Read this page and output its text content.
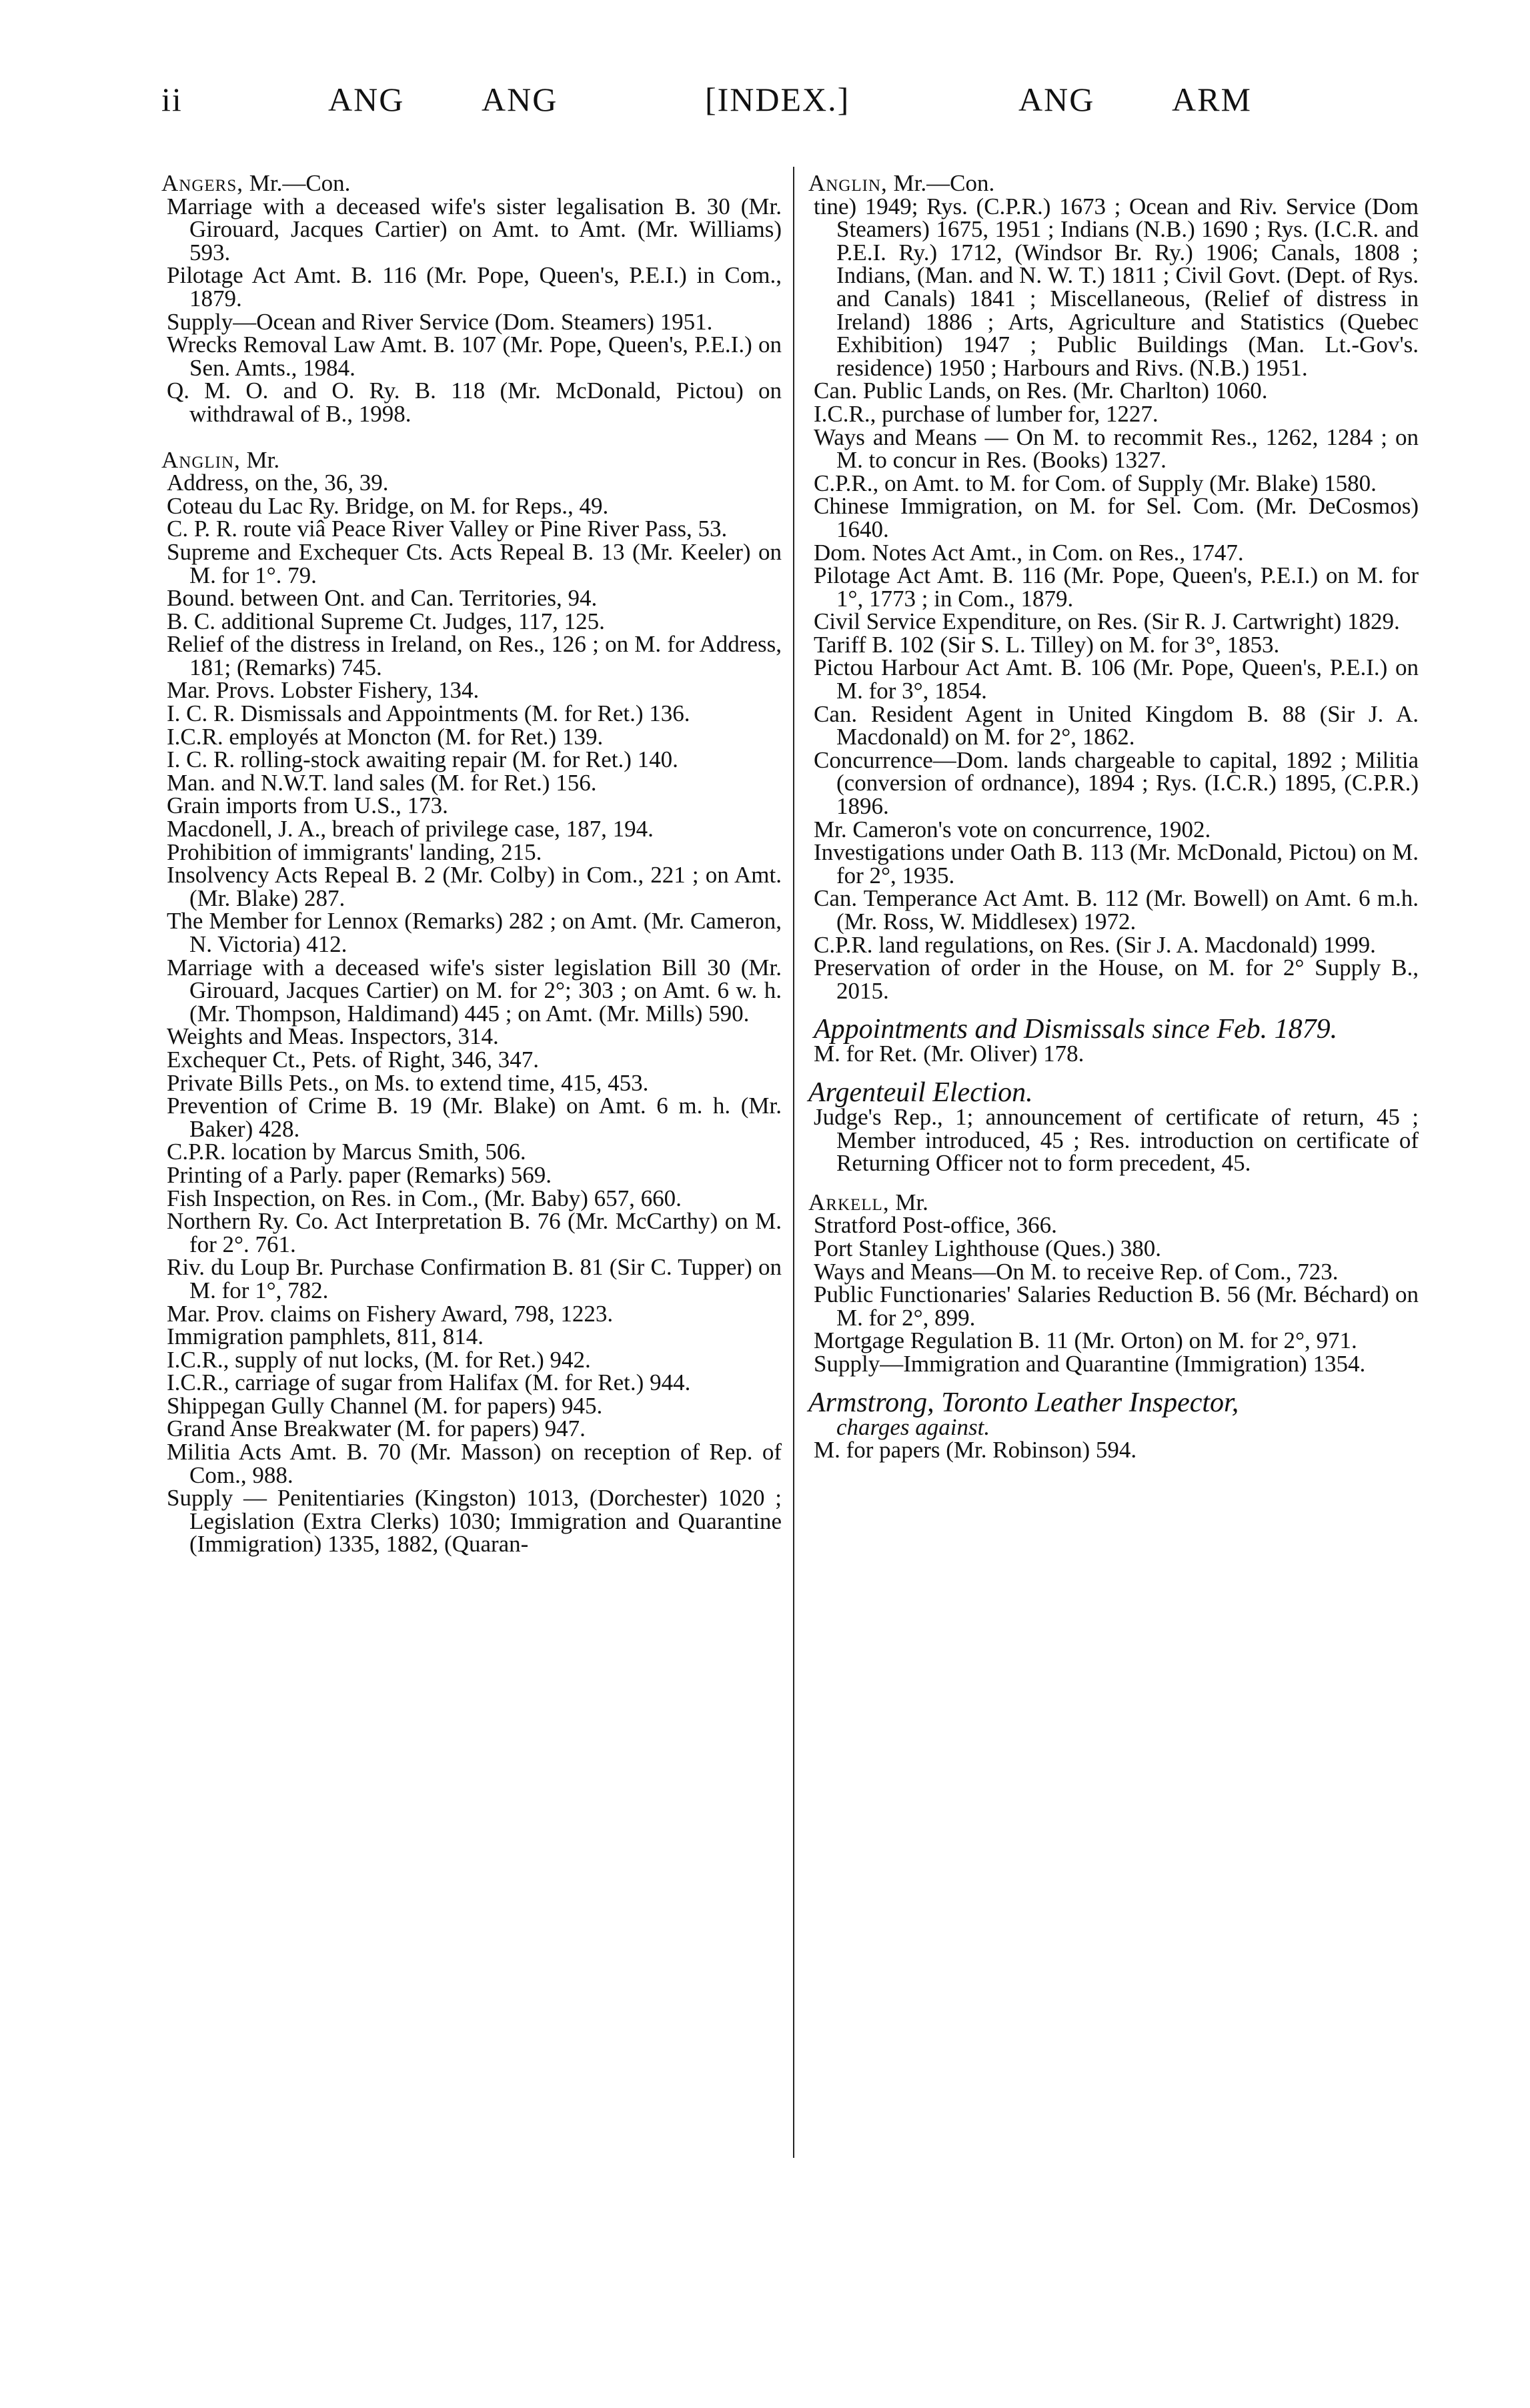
ii	ANG ANG	[INDEX.]	ANG ARM

Angers, Mr.—Con.

Marriage with a deceased wife's sister legalisation B. 30 (Mr. Girouard, Jacques Cartier) on Amt. to Amt. (Mr. Williams) 593.

Pilotage Act Amt. B. 116 (Mr. Pope, Queen's, P.E.I.) in Com., 1879.

Supply—Ocean and River Service (Dom. Steamers) 1951.

Wrecks Removal Law Amt. B. 107 (Mr. Pope, Queen's, P.E.I.) on Sen. Amts., 1984.

Q. M. O. and O. Ry. B. 118 (Mr. McDonald, Pictou) on withdrawal of B., 1998.

Anglin, Mr.

Address, on the, 36, 39.

Coteau du Lac Ry. Bridge, on M. for Reps., 49.

C. P. R. route viâ Peace River Valley or Pine River Pass, 53.

Supreme and Exchequer Cts. Acts Repeal B. 13 (Mr. Keeler) on M. for 1°. 79.

Bound. between Ont. and Can. Territories, 94.

B. C. additional Supreme Ct. Judges, 117, 125.

Relief of the distress in Ireland, on Res., 126 ; on M. for Address, 181; (Remarks) 745.

Mar. Provs. Lobster Fishery, 134.

I. C. R. Dismissals and Appointments (M. for Ret.) 136.

I.C.R. employés at Moncton (M. for Ret.) 139.

I. C. R. rolling-stock awaiting repair (M. for Ret.) 140.

Man. and N.W.T. land sales (M. for Ret.) 156.

Grain imports from U.S., 173.

Macdonell, J. A., breach of privilege case, 187, 194.

Prohibition of immigrants' landing, 215.

Insolvency Acts Repeal B. 2 (Mr. Colby) in Com., 221 ; on Amt. (Mr. Blake) 287.

The Member for Lennox (Remarks) 282 ; on Amt. (Mr. Cameron, N. Victoria) 412.

Marriage with a deceased wife's sister legislation Bill 30 (Mr. Girouard, Jacques Cartier) on M. for 2°; 303 ; on Amt. 6 w. h. (Mr. Thompson, Haldimand) 445 ; on Amt. (Mr. Mills) 590.

Weights and Meas. Inspectors, 314.

Exchequer Ct., Pets. of Right, 346, 347.

Private Bills Pets., on Ms. to extend time, 415, 453.

Prevention of Crime B. 19 (Mr. Blake) on Amt. 6 m. h. (Mr. Baker) 428.

C.P.R. location by Marcus Smith, 506.

Printing of a Parly. paper (Remarks) 569.

Fish Inspection, on Res. in Com., (Mr. Baby) 657, 660.

Northern Ry. Co. Act Interpretation B. 76 (Mr. McCarthy) on M. for 2°. 761.

Riv. du Loup Br. Purchase Confirmation B. 81 (Sir C. Tupper) on M. for 1°, 782.

Mar. Prov. claims on Fishery Award, 798, 1223.

Immigration pamphlets, 811, 814.

I.C.R., supply of nut locks, (M. for Ret.) 942.

I.C.R., carriage of sugar from Halifax (M. for Ret.) 944.

Shippegan Gully Channel (M. for papers) 945.

Grand Anse Breakwater (M. for papers) 947.

Militia Acts Amt. B. 70 (Mr. Masson) on reception of Rep. of Com., 988.

Supply — Penitentiaries (Kingston) 1013, (Dorchester) 1020 ; Legislation (Extra Clerks) 1030; Immigration and Quarantine (Immigration) 1335, 1882, (Quaran-

Anglin, Mr.—Con.

tine) 1949; Rys. (C.P.R.) 1673 ; Ocean and Riv. Service (Dom Steamers) 1675, 1951 ; Indians (N.B.) 1690 ; Rys. (I.C.R. and P.E.I. Ry.) 1712, (Windsor Br. Ry.) 1906; Canals, 1808 ; Indians, (Man. and N. W. T.) 1811 ; Civil Govt. (Dept. of Rys. and Canals) 1841 ; Miscellaneous, (Relief of distress in Ireland) 1886 ; Arts, Agriculture and Statistics (Quebec Exhibition) 1947 ; Public Buildings (Man. Lt.-Gov's. residence) 1950 ; Harbours and Rivs. (N.B.) 1951.

Can. Public Lands, on Res. (Mr. Charlton) 1060.

I.C.R., purchase of lumber for, 1227.

Ways and Means — On M. to recommit Res., 1262, 1284 ; on M. to concur in Res. (Books) 1327.

C.P.R., on Amt. to M. for Com. of Supply (Mr. Blake) 1580.

Chinese Immigration, on M. for Sel. Com. (Mr. DeCosmos) 1640.

Dom. Notes Act Amt., in Com. on Res., 1747.

Pilotage Act Amt. B. 116 (Mr. Pope, Queen's, P.E.I.) on M. for 1°, 1773 ; in Com., 1879.

Civil Service Expenditure, on Res. (Sir R. J. Cartwright) 1829.

Tariff B. 102 (Sir S. L. Tilley) on M. for 3°, 1853.

Pictou Harbour Act Amt. B. 106 (Mr. Pope, Queen's, P.E.I.) on M. for 3°, 1854.

Can. Resident Agent in United Kingdom B. 88 (Sir J. A. Macdonald) on M. for 2°, 1862.

Concurrence—Dom. lands chargeable to capital, 1892 ; Militia (conversion of ordnance), 1894 ; Rys. (I.C.R.) 1895, (C.P.R.) 1896.

Mr. Cameron's vote on concurrence, 1902.

Investigations under Oath B. 113 (Mr. McDonald, Pictou) on M. for 2°, 1935.

Can. Temperance Act Amt. B. 112 (Mr. Bowell) on Amt. 6 m.h. (Mr. Ross, W. Middlesex) 1972.

C.P.R. land regulations, on Res. (Sir J. A. Macdonald) 1999.

Preservation of order in the House, on M. for 2° Supply B., 2015.

Appointments and Dismissals since Feb. 1879.

M. for Ret. (Mr. Oliver) 178.

Argenteuil Election.

Judge's Rep., 1; announcement of certificate of return, 45 ; Member introduced, 45 ; Res. introduction on certificate of Returning Officer not to form precedent, 45.

Arkell, Mr.

Stratford Post-office, 366.

Port Stanley Lighthouse (Ques.) 380.

Ways and Means—On M. to receive Rep. of Com., 723.

Public Functionaries' Salaries Reduction B. 56 (Mr. Béchard) on M. for 2°, 899.

Mortgage Regulation B. 11 (Mr. Orton) on M. for 2°, 971.

Supply—Immigration and Quarantine (Immigration) 1354.

Armstrong, Toronto Leather Inspector,

charges against.

M. for papers (Mr. Robinson) 594.
